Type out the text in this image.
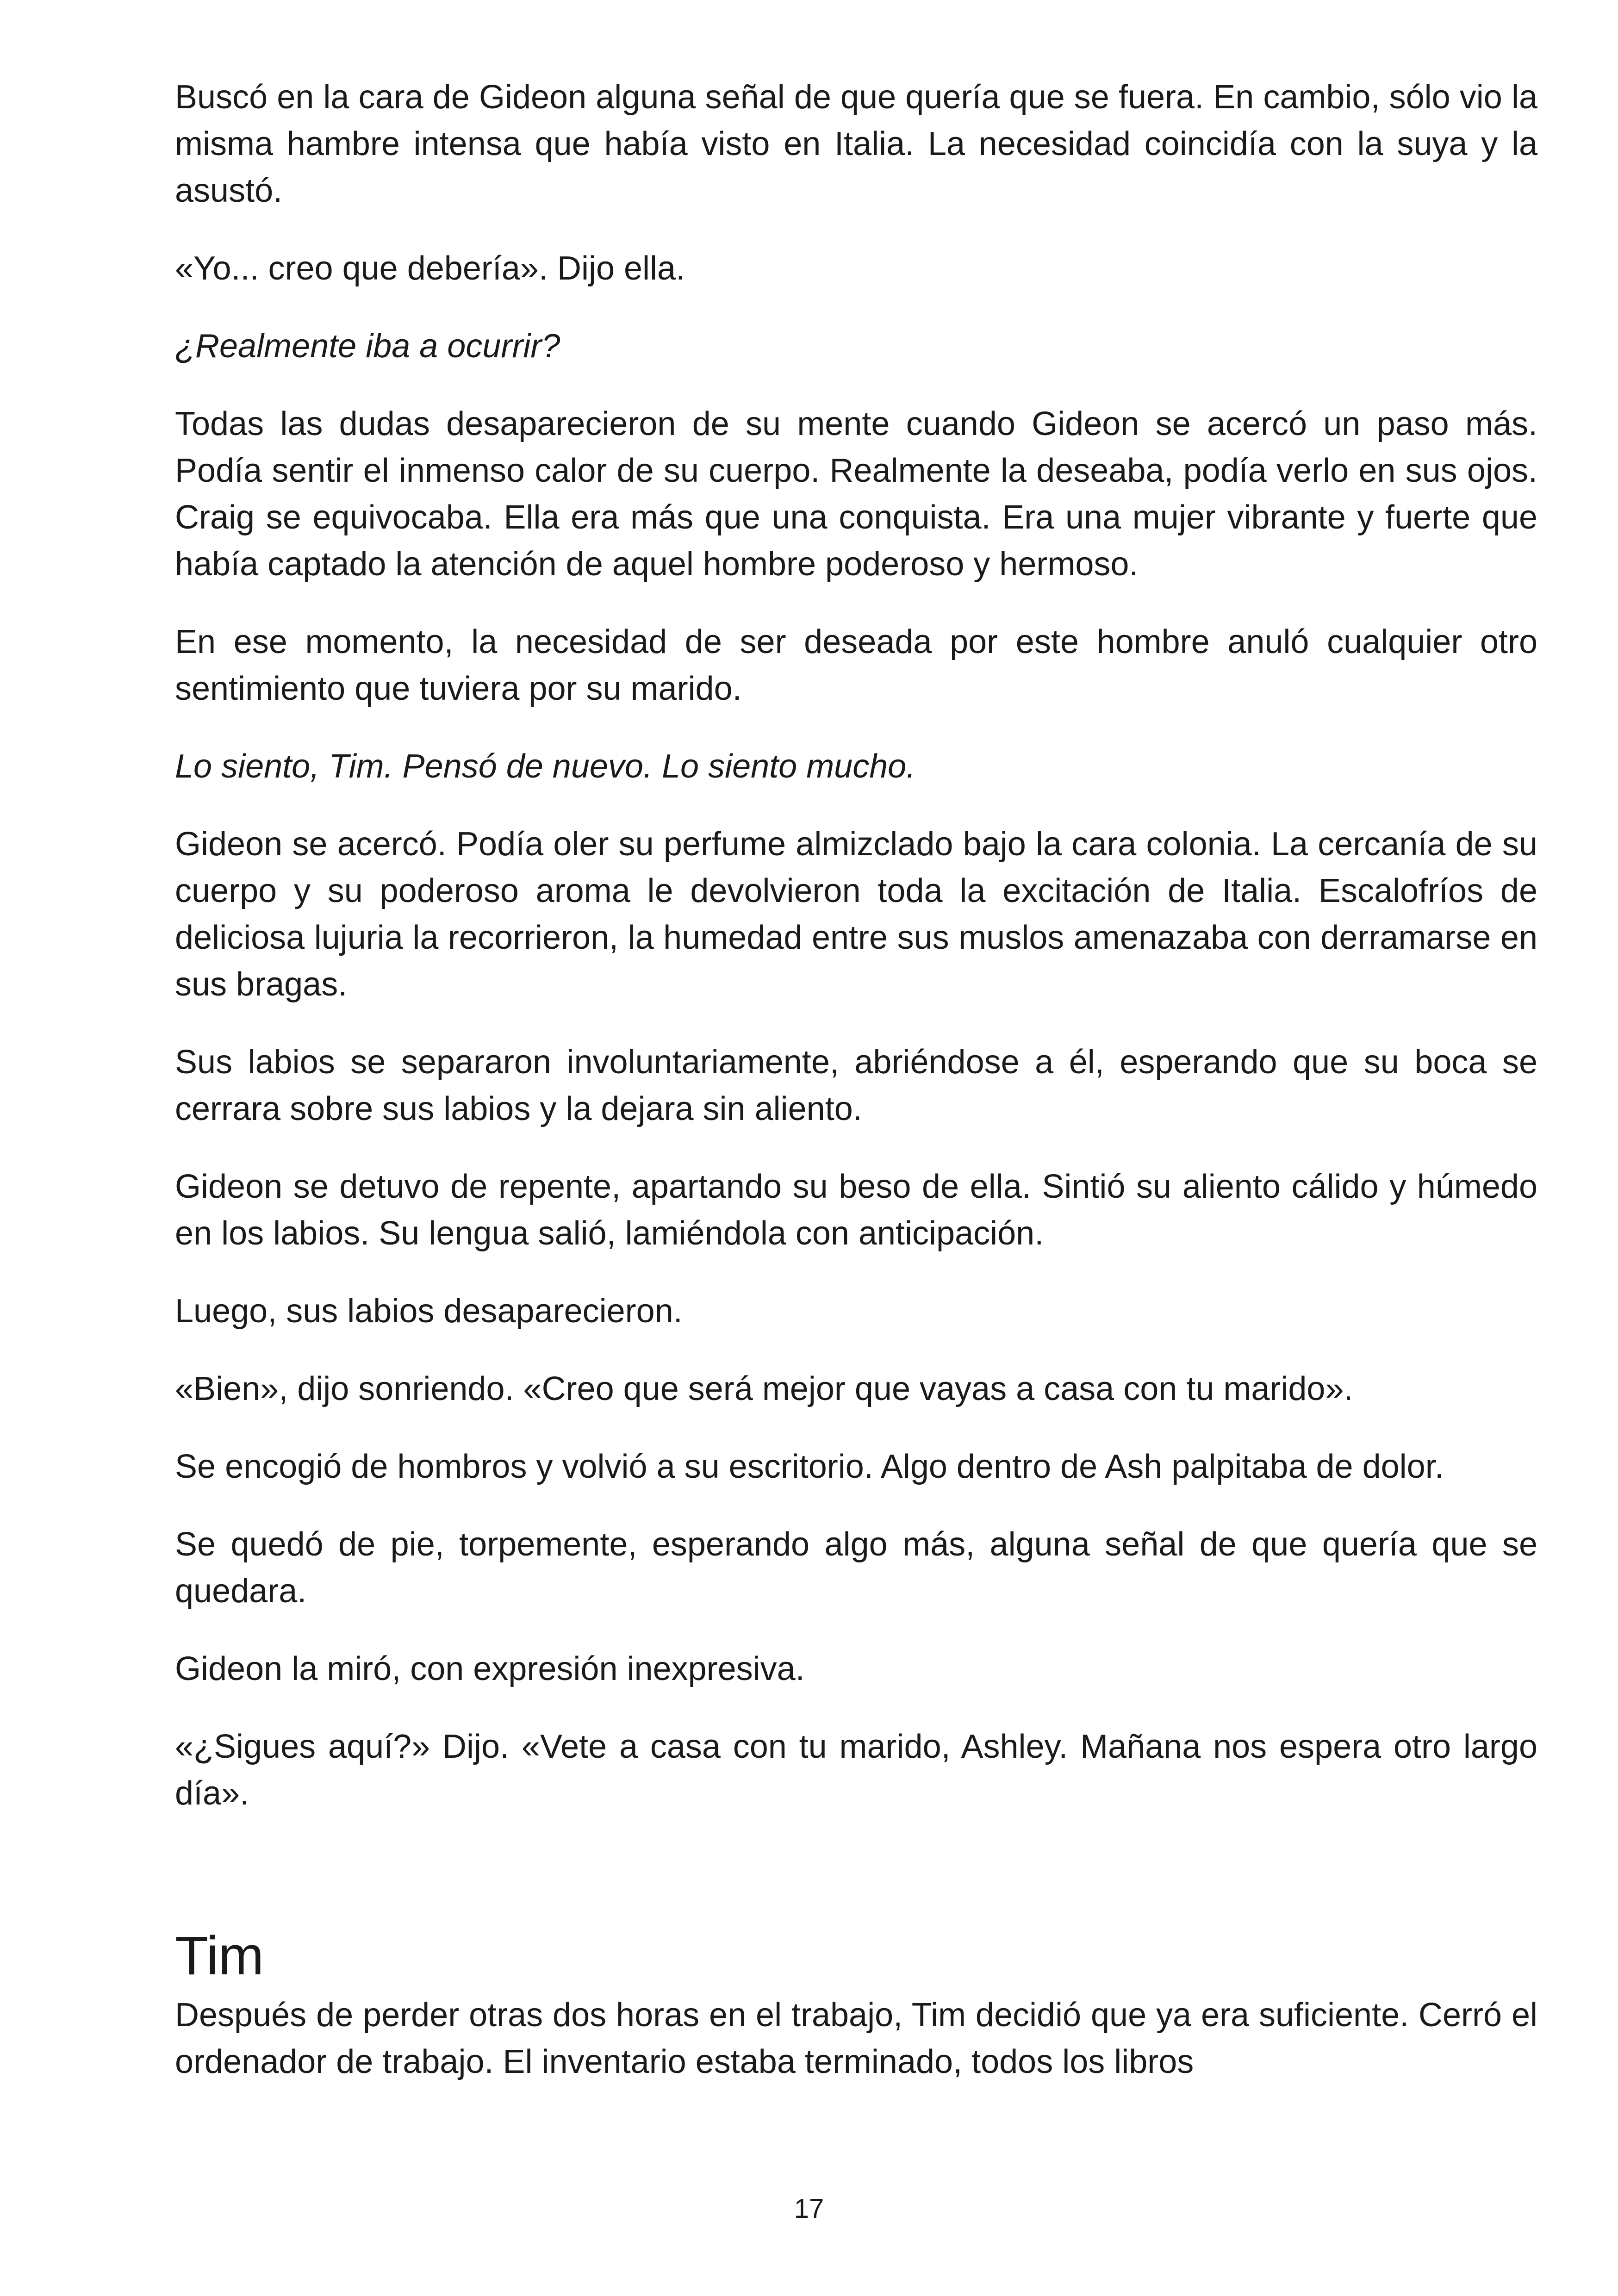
Buscó en la cara de Gideon alguna señal de que quería que se fuera. En cambio, sólo vio la misma hambre intensa que había visto en Italia. La necesidad coincidía con la suya y la asustó.

«Yo... creo que debería». Dijo ella.

¿Realmente iba a ocurrir?

Todas las dudas desaparecieron de su mente cuando Gideon se acercó un paso más. Podía sentir el inmenso calor de su cuerpo. Realmente la deseaba, podía verlo en sus ojos. Craig se equivocaba. Ella era más que una conquista. Era una mujer vibrante y fuerte que había captado la atención de aquel hombre poderoso y hermoso.

En ese momento, la necesidad de ser deseada por este hombre anuló cualquier otro sentimiento que tuviera por su marido.

Lo siento, Tim. Pensó de nuevo. Lo siento mucho.

Gideon se acercó. Podía oler su perfume almizclado bajo la cara colonia. La cercanía de su cuerpo y su poderoso aroma le devolvieron toda la excitación de Italia. Escalofríos de deliciosa lujuria la recorrieron, la humedad entre sus muslos amenazaba con derramarse en sus bragas.

Sus labios se separaron involuntariamente, abriéndose a él, esperando que su boca se cerrara sobre sus labios y la dejara sin aliento.

Gideon se detuvo de repente, apartando su beso de ella. Sintió su aliento cálido y húmedo en los labios. Su lengua salió, lamiéndola con anticipación.

Luego, sus labios desaparecieron.

«Bien», dijo sonriendo. «Creo que será mejor que vayas a casa con tu marido».

Se encogió de hombros y volvió a su escritorio. Algo dentro de Ash palpitaba de dolor.

Se quedó de pie, torpemente, esperando algo más, alguna señal de que quería que se quedara.

Gideon la miró, con expresión inexpresiva.

«¿Sigues aquí?» Dijo. «Vete a casa con tu marido, Ashley. Mañana nos espera otro largo día».

Tim

Después de perder otras dos horas en el trabajo, Tim decidió que ya era suficiente. Cerró el ordenador de trabajo. El inventario estaba terminado, todos los libros

17
